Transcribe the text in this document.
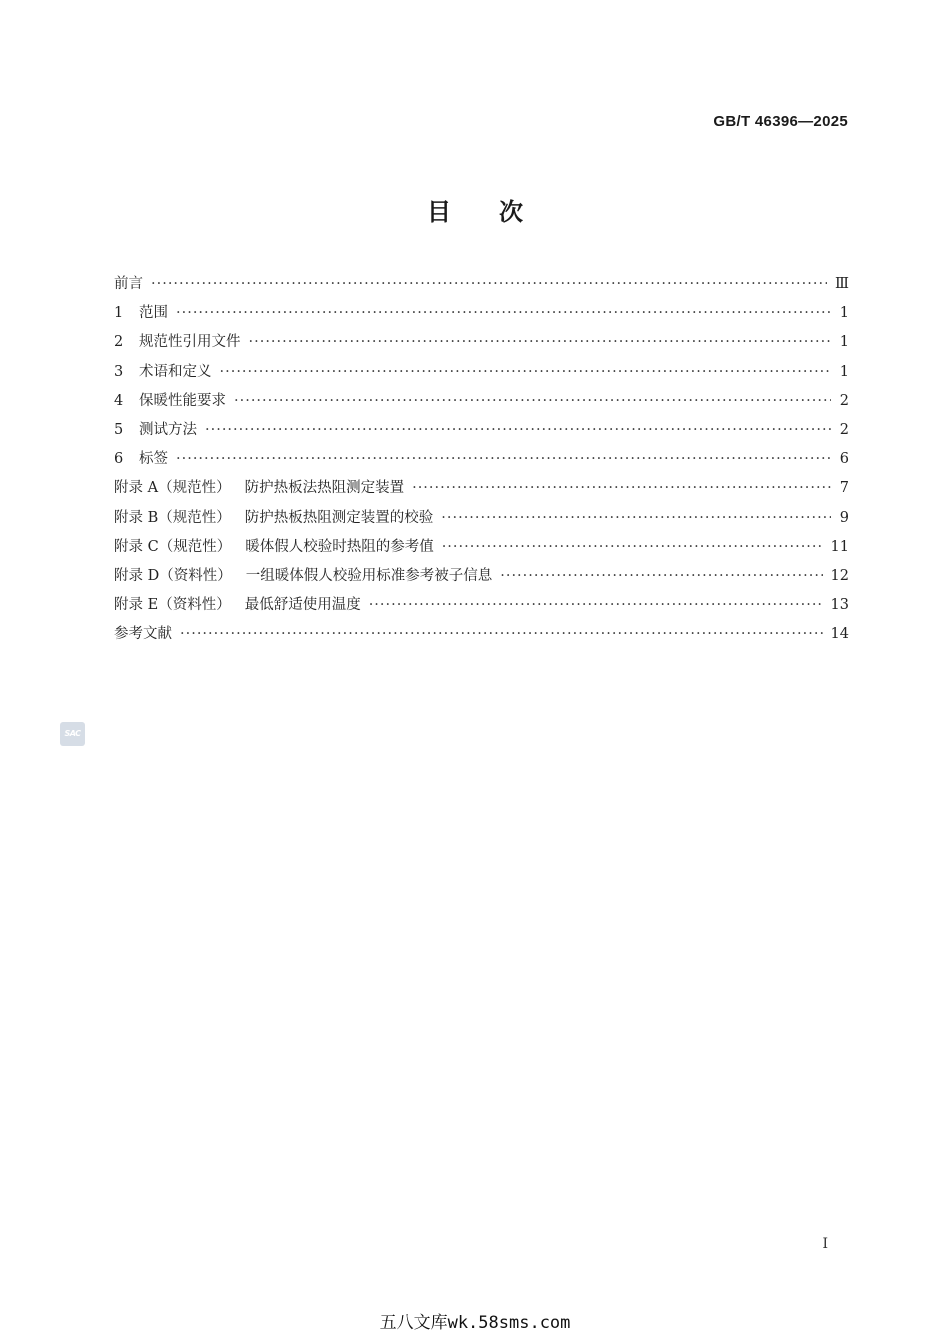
GB/T 46396—2025
目次
前言 ·····	Ⅲ
1 范围 ·····	1
2 规范性引用文件 ·····	1
3 术语和定义 ·····	1
4 保暖性能要求 ·····	2
5 测试方法 ·····	2
6 标签 ·····	6
附录 A（规范性） 防护热板法热阻测定装置 ·····	7
附录 B（规范性） 防护热板热阻测定装置的校验 ·····	9
附录 C（规范性） 暖体假人校验时热阻的参考值 ·····	11
附录 D（资料性） 一组暖体假人校验用标准参考被子信息 ·····	12
附录 E（资料性） 最低舒适使用温度 ·····	13
参考文献 ·····	14
SAC
I
五八文库wk.58sms.com
